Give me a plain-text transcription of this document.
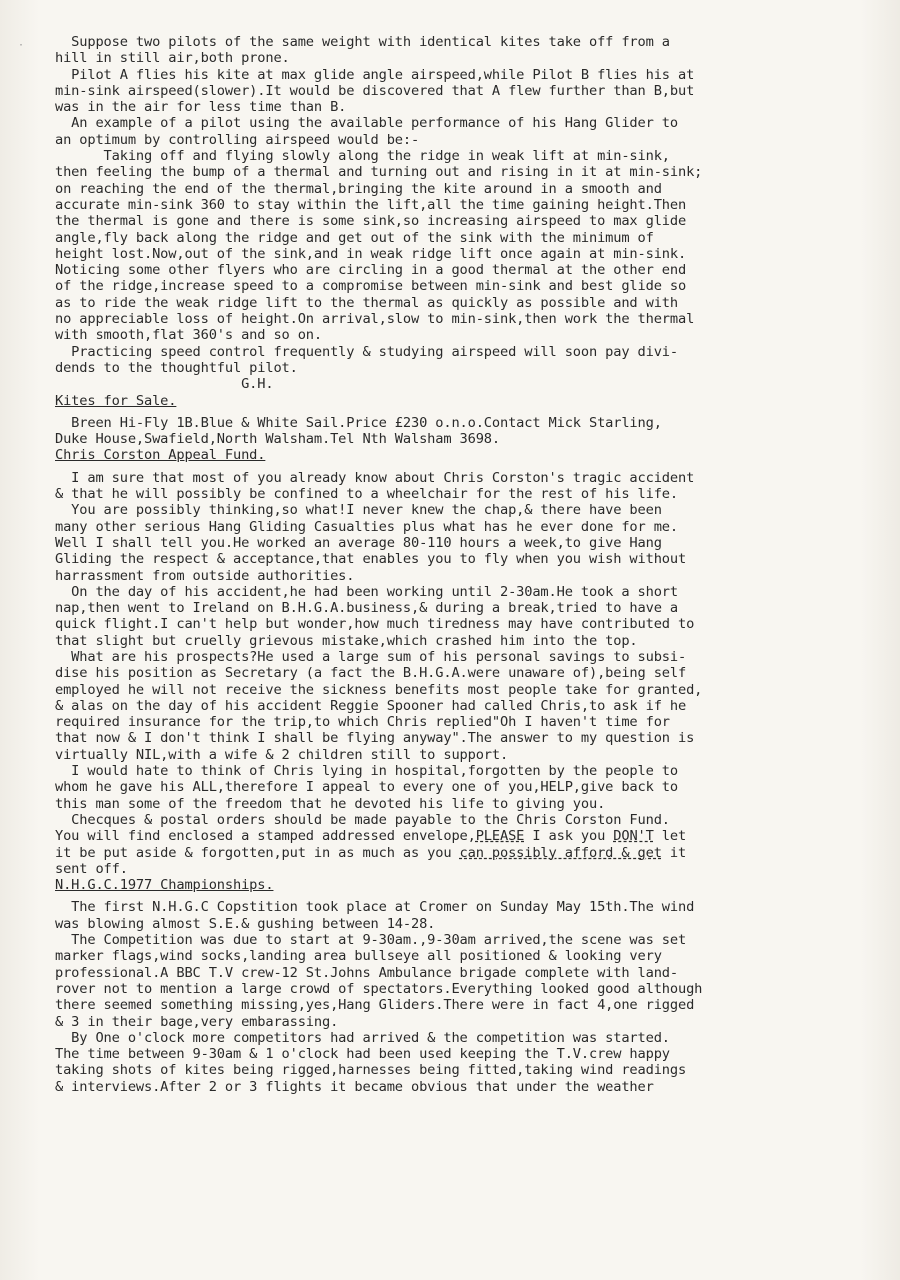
· Suppose two pilots of the same weight with identical kites take off from a
hill in still air,both prone.
Pilot A flies his kite at max glide angle airspeed,while Pilot B flies his at
min-sink airspeed(slower).It would be discovered that A flew further than B,but
was in the air for less time than B.
An example of a pilot using the available performance of his Hang Glider to
an optimum by controlling airspeed would be:-
Taking off and flying slowly along the ridge in weak lift at min-sink,
then feeling the bump of a thermal and turning out and rising in it at min-sink;
on reaching the end of the thermal,bringing the kite around in a smooth and
accurate min-sink 360 to stay within the lift,all the time gaining height.Then
the thermal is gone and there is some sink,so increasing airspeed to max glide
angle,fly back along the ridge and get out of the sink with the minimum of
height lost.Now,out of the sink,and in weak ridge lift once again at min-sink.
Noticing some other flyers who are circling in a good thermal at the other end
of the ridge,increase speed to a compromise between min-sink and best glide so
as to ride the weak ridge lift to the thermal as quickly as possible and with
no appreciable loss of height.On arrival,slow to min-sink,then work the thermal
with smooth,flat 360's and so on.
Practicing speed control frequently & studying airspeed will soon pay divi-
dends to the thoughtful pilot.
G.H.
Kites for Sale.
Breen Hi-Fly 1B.Blue & White Sail.Price £230 o.n.o.Contact Mick Starling,
Duke House,Swafield,North Walsham.Tel Nth Walsham 3698.
Chris Corston Appeal Fund.
I am sure that most of you already know about Chris Corston's tragic accident
& that he will possibly be confined to a wheelchair for the rest of his life.
You are possibly thinking,so what!I never knew the chap,& there have been
many other serious Hang Gliding Casualties plus what has he ever done for me.
Well I shall tell you.He worked an average 80-110 hours a week,to give Hang
Gliding the respect & acceptance,that enables you to fly when you wish without
harrassment from outside authorities.
On the day of his accident,he had been working until 2-30am.He took a short
nap,then went to Ireland on B.H.G.A.business,& during a break,tried to have a
quick flight.I can't help but wonder,how much tiredness may have contributed to
that slight but cruelly grievous mistake,which crashed him into the top.
What are his prospects?He used a large sum of his personal savings to subsi-
dise his position as Secretary (a fact the B.H.G.A.were unaware of),being self
employed he will not receive the sickness benefits most people take for granted,
& alas on the day of his accident Reggie Spooner had called Chris,to ask if he
required insurance for the trip,to which Chris replied"Oh I haven't time for
that now & I don't think I shall be flying anyway".The answer to my question is
virtually NIL,with a wife & 2 children still to support.
I would hate to think of Chris lying in hospital,forgotten by the people to
whom he gave his ALL,therefore I appeal to every one of you,HELP,give back to
this man some of the freedom that he devoted his life to giving you.
Checques & postal orders should be made payable to the Chris Corston Fund.
You will find enclosed a stamped addressed envelope,PLEASE I ask you DON'T let
it be put aside & forgotten,put in as much as you can possibly afford & get it
sent off.
N.H.G.C.1977 Championships.
The first N.H.G.C Copstition took place at Cromer on Sunday May 15th.The wind
was blowing almost S.E.& gushing between 14-28.
The Competition was due to start at 9-30am.,9-30am arrived,the scene was set
marker flags,wind socks,landing area bullseye all positioned & looking very
professional.A BBC T.V crew-12 St.Johns Ambulance brigade complete with land-
rover not to mention a large crowd of spectators.Everything looked good although
there seemed something missing,yes,Hang Gliders.There were in fact 4,one rigged
& 3 in their bage,very embarassing.
By One o'clock more competitors had arrived & the competition was started.
The time between 9-30am & 1 o'clock had been used keeping the T.V.crew happy
taking shots of kites being rigged,harnesses being fitted,taking wind readings
& interviews.After 2 or 3 flights it became obvious that under the weather
